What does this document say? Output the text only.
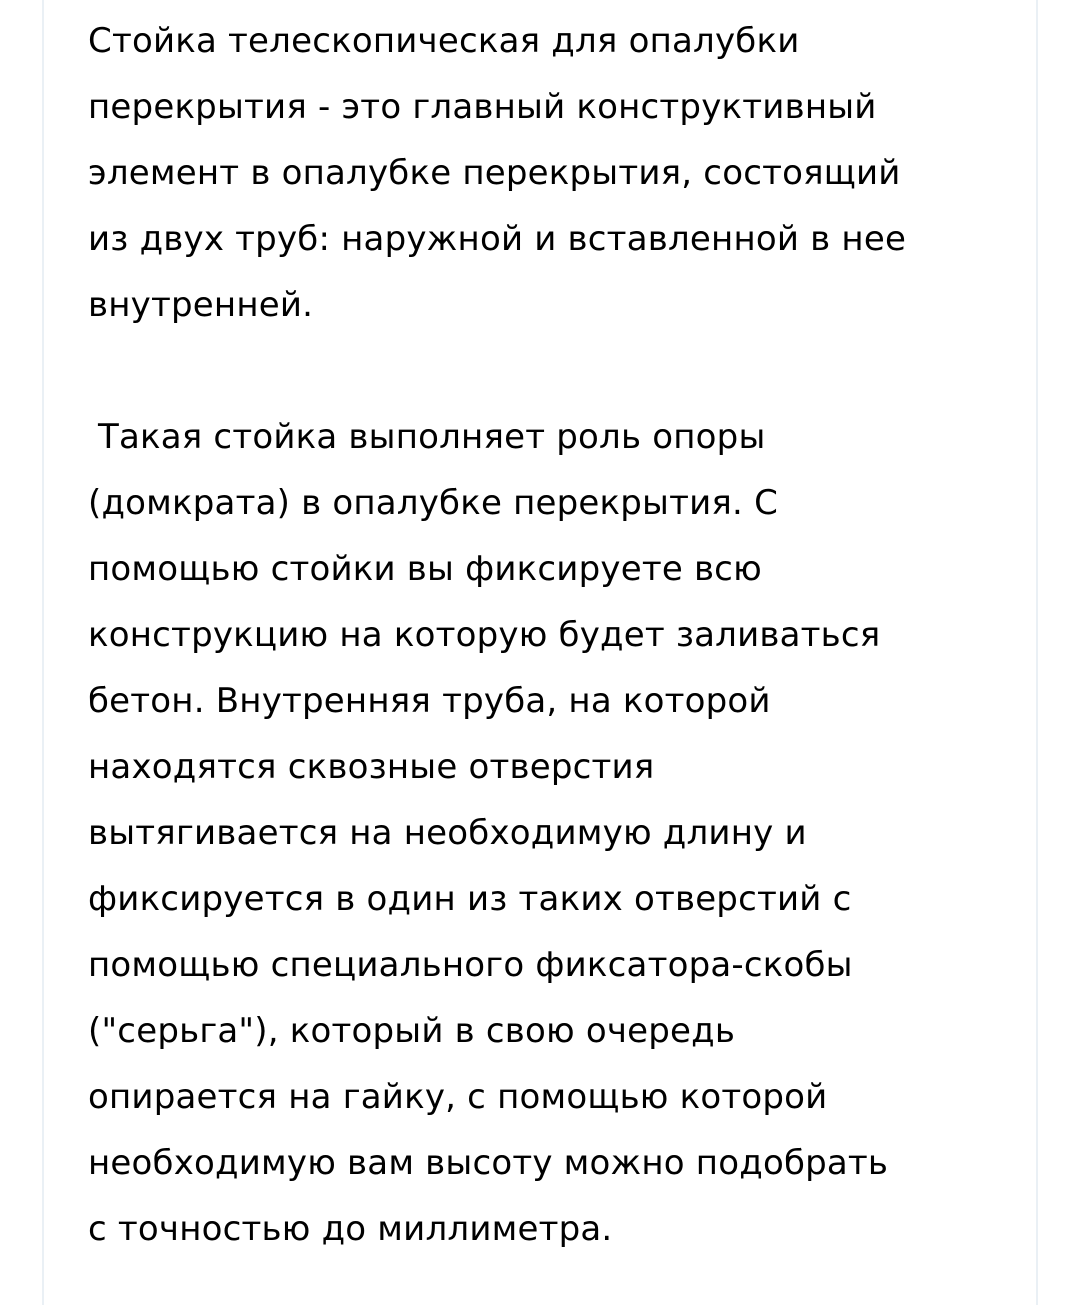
Стойка телескопическая для опалубки
перекрытия - это главный конструктивный
элемент в опалубке перекрытия, состоящий
из двух труб: наружной и вставленной в нее
внутренней.
Такая стойка выполняет роль опоры
(домкрата) в опалубке перекрытия. С
помощью стойки вы фиксируете всю
конструкцию на которую будет заливаться
бетон. Внутренняя труба, на которой
находятся сквозные отверстия
вытягивается на необходимую длину и
фиксируется в один из таких отверстий с
помощью специального фиксатора-скобы
("серьга"), который в свою очередь
опирается на гайку, с помощью которой
необходимую вам высоту можно подобрать
с точностью до миллиметра.
